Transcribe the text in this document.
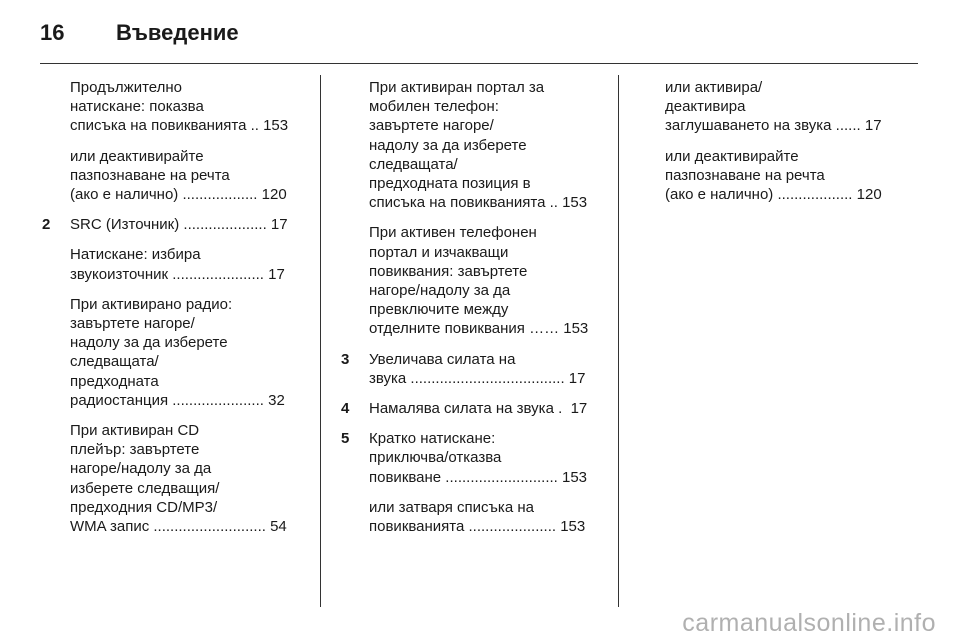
16	Въведение
Продължително
натискане: показва
списъка на повикванията .. 153
или деактивирайте
пазпознаване на речта
(ако е налично) .................. 120
2	SRC (Източник) .................... 17
Натискане: избира
звукоизточник ...................... 17
При активирано радио:
завъртете нагоре/
надолу за да изберете
следващата/
предходната
радиостанция ...................... 32
При активиран CD
плейър: завъртете
нагоре/надолу за да
изберете следващия/
предходния CD/MP3/
WMA запис ........................... 54
При активиран портал за
мобилен телефон:
завъртете нагоре/
надолу за да изберете
следващата/
предходната позиция в
списъка на повикванията .. 153
При активен телефонен
портал и изчакващи
повиквания: завъртете
нагоре/надолу за да
превключите между
отделните повиквания …… 153
3	Увеличава силата на
звука ..................................... 17
4	Намалява силата на звука .  17
5	Кратко натискане:
приключва/отказва
повикване ........................... 153
или затваря списъка на
повикванията ..................... 153
или активира/
деактивира
заглушаването на звука ...... 17
или деактивирайте
пазпознаване на речта
(ако е налично) .................. 120
carmanualsonline.info
